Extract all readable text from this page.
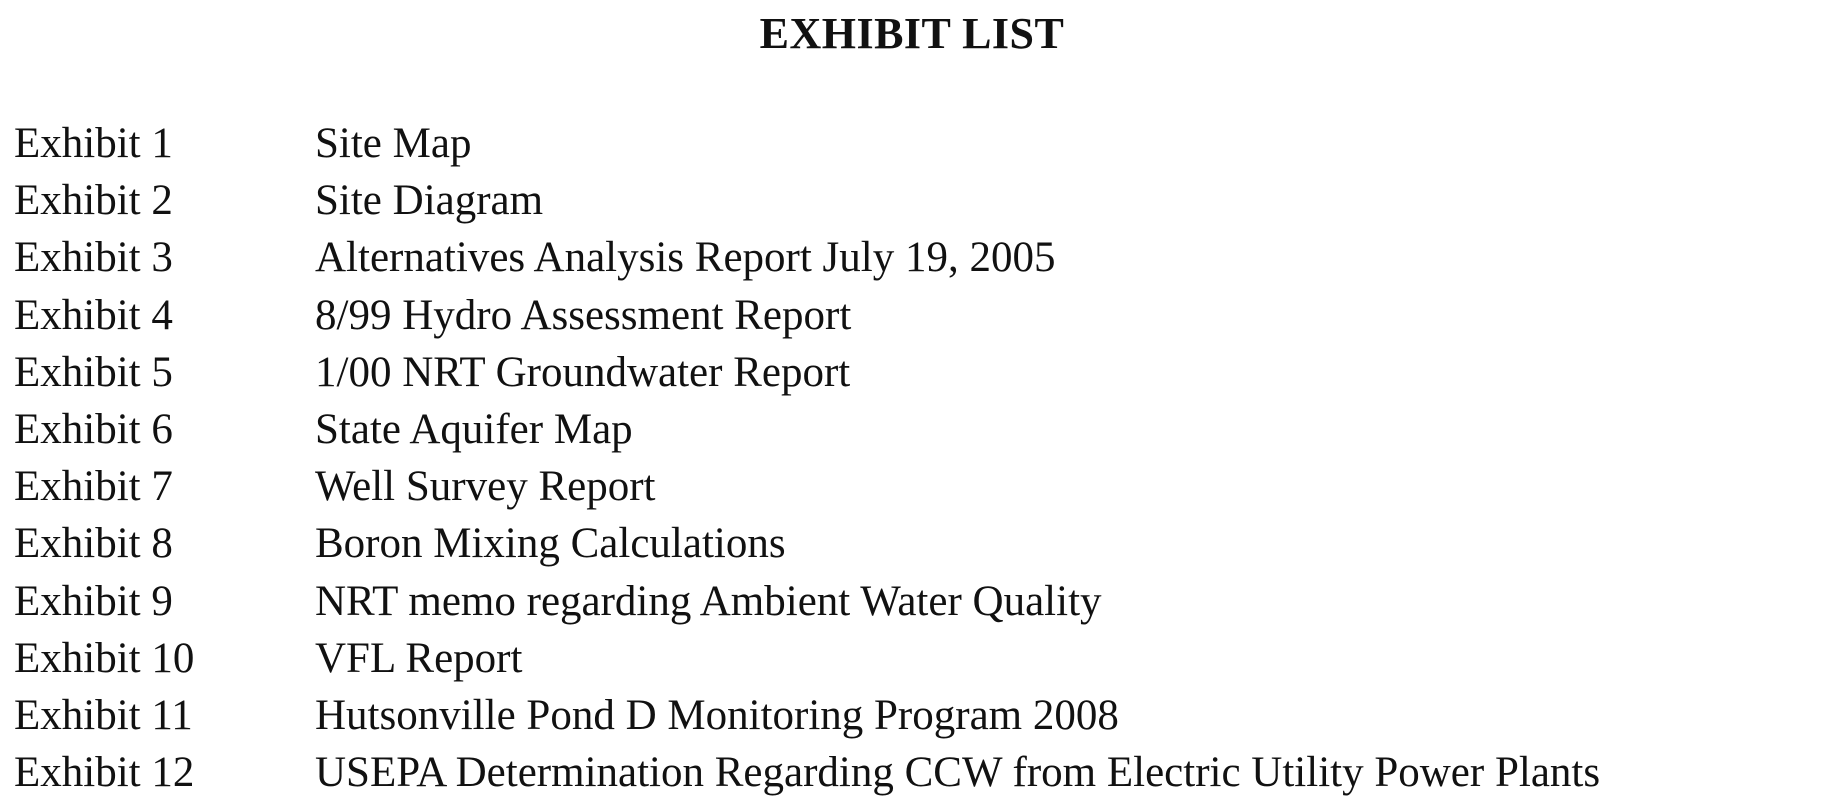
EXHIBIT LIST
Exhibit 1	Site Map
Exhibit 2	Site Diagram
Exhibit 3	Alternatives Analysis Report July 19, 2005
Exhibit 4	8/99 Hydro Assessment Report
Exhibit 5	1/00 NRT Groundwater Report
Exhibit 6	State Aquifer Map
Exhibit 7	Well Survey Report
Exhibit 8	Boron Mixing Calculations
Exhibit 9	NRT memo regarding Ambient Water Quality
Exhibit 10	VFL Report
Exhibit 11	Hutsonville Pond D Monitoring Program 2008
Exhibit 12	USEPA Determination Regarding CCW from Electric Utility Power Plants
